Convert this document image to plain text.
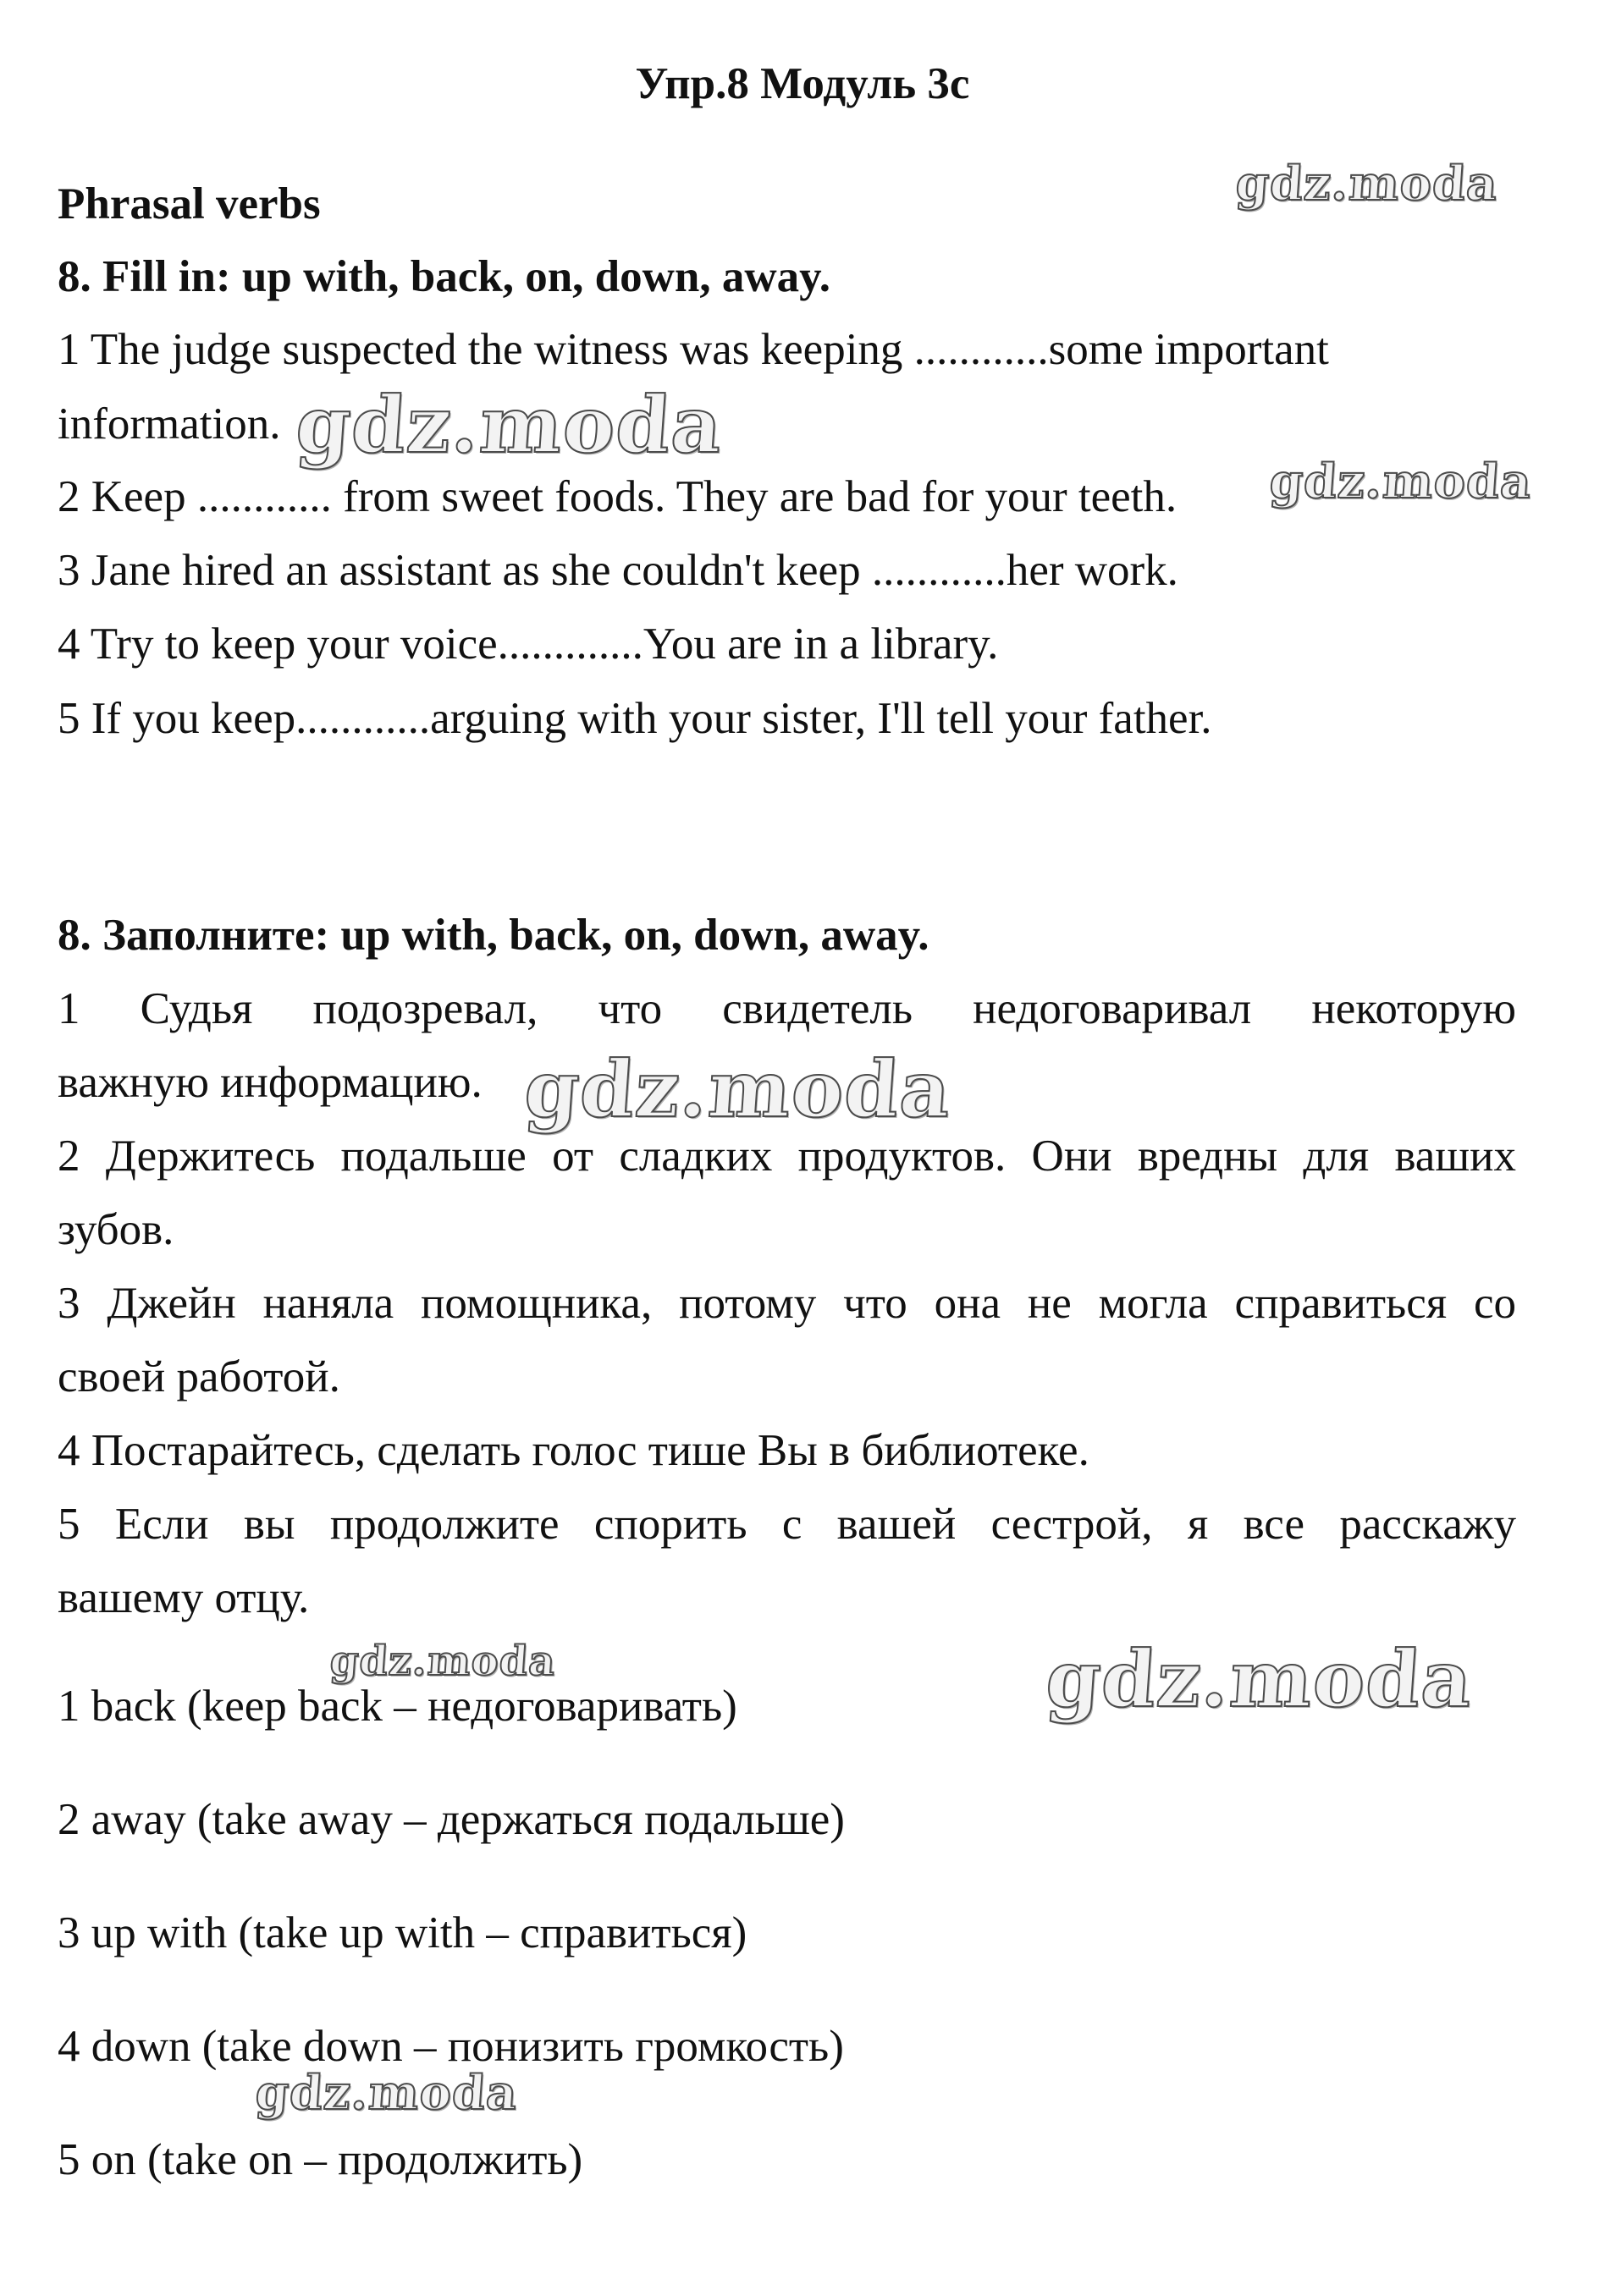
Упр.8 Модуль 3c
Phrasal verbs
8. Fill in: up with, back, on, down, away.
1 The judge suspected the witness was keeping ............some important
information.
2 Keep ............ from sweet foods. They are bad for your teeth.
3 Jane hired an assistant as she couldn't keep ............her work.
4 Try to keep your voice.............You are in a library.
5 If you keep............arguing with your sister, I'll tell your father.
8. Заполните: up with, back, on, down, away.
1 Судья подозревал, что свидетель недоговаривал некоторую
важную информацию.
2 Держитесь подальше от сладких продуктов. Они вредны для ваших
зубов.
3 Джейн наняла помощника, потому что она не могла справиться со
своей работой.
4 Постарайтесь, сделать голос тише Вы в библиотеке.
5 Если вы продолжите спорить с вашей сестрой, я все расскажу
вашему отцу.
1 back (keep back – недоговаривать)
2 away (take away – держаться подальше)
3 up with (take up with – справиться)
4 down (take down – понизить громкость)
5 on (take on – продолжить)
gdz.moda
gdz.moda
gdz.moda
gdz.moda
gdz.moda	gdz.moda
gdz.moda
